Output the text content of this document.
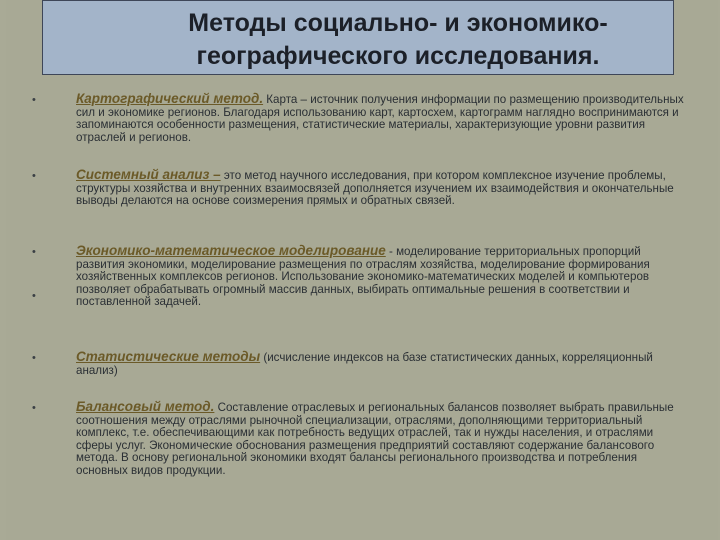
Методы социально- и экономико-
географического исследования.
•	Картографический метод. Карта – источник получения информации по размещению производительных сил и экономике регионов. Благодаря использованию карт, картосхем, картограмм наглядно воспринимаются и запоминаются особенности размещения, статистические материалы, характеризующие уровни развития отраслей и регионов.
•	Системный анализ – это метод научного исследования, при котором комплексное изучение проблемы, структуры хозяйства и внутренних взаимосвязей дополняется изучением их взаимодействия и окончательные выводы делаются на основе соизмерения прямых и обратных связей.
•
•
Экономико-математическое моделирование - моделирование территориальных пропорций развития экономики, моделирование размещения по отраслям хозяйства, моделирование формирования хозяйственных комплексов регионов. Использование экономико-математических моделей и компьютеров позволяет обрабатывать огромный массив данных, выбирать оптимальные решения в соответствии и поставленной задачей.
•	Статистические методы (исчисление индексов на базе статистических данных, корреляционный анализ)
•	Балансовый метод. Составление отраслевых и региональных балансов позволяет выбрать правильные соотношения между отраслями рыночной специализации, отраслями, дополняющими территориальный комплекс, т.е. обеспечивающими как потребность ведущих отраслей, так и нужды населения, и отраслями сферы услуг. Экономические обоснования размещения предприятий составляют содержание балансового метода. В основу региональной экономики входят балансы регионального производства и потребления основных видов продукции.
